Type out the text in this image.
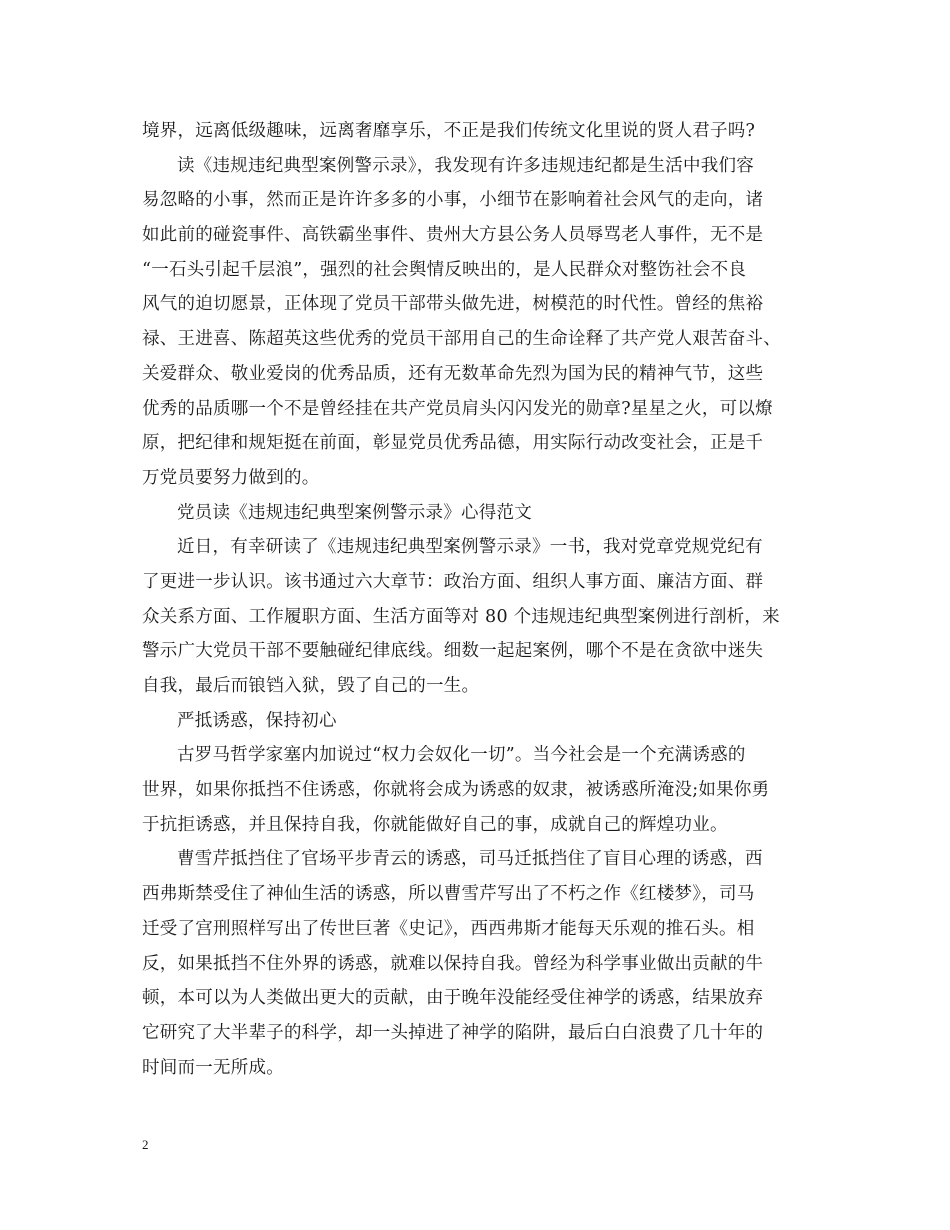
境界，远离低级趣味，远离奢靡享乐，不正是我们传统文化里说的贤人君子吗?
读《违规违纪典型案例警示录》，我发现有许多违规违纪都是生活中我们容
易忽略的小事，然而正是许许多多的小事，小细节在影响着社会风气的走向，诸
如此前的碰瓷事件、高铁霸坐事件、贵州大方县公务人员辱骂老人事件，无不是
“一石头引起千层浪”，强烈的社会舆情反映出的，是人民群众对整饬社会不良
风气的迫切愿景，正体现了党员干部带头做先进，树模范的时代性。曾经的焦裕
禄、王进喜、陈超英这些优秀的党员干部用自己的生命诠释了共产党人艰苦奋斗、
关爱群众、敬业爱岗的优秀品质，还有无数革命先烈为国为民的精神气节，这些
优秀的品质哪一个不是曾经挂在共产党员肩头闪闪发光的勋章?星星之火，可以燎
原，把纪律和规矩挺在前面，彰显党员优秀品德，用实际行动改变社会，正是千
万党员要努力做到的。
党员读《违规违纪典型案例警示录》心得范文
近日，有幸研读了《违规违纪典型案例警示录》一书，我对党章党规党纪有
了更进一步认识。该书通过六大章节：政治方面、组织人事方面、廉洁方面、群
众关系方面、工作履职方面、生活方面等对 80 个违规违纪典型案例进行剖析，来
警示广大党员干部不要触碰纪律底线。细数一起起案例，哪个不是在贪欲中迷失
自我，最后而锒铛入狱，毁了自己的一生。
严抵诱惑，保持初心
古罗马哲学家塞内加说过“权力会奴化一切”。当今社会是一个充满诱惑的
世界，如果你抵挡不住诱惑，你就将会成为诱惑的奴隶，被诱惑所淹没;如果你勇
于抗拒诱惑，并且保持自我，你就能做好自己的事，成就自己的辉煌功业。
曹雪芹抵挡住了官场平步青云的诱惑，司马迁抵挡住了盲目心理的诱惑，西
西弗斯禁受住了神仙生活的诱惑，所以曹雪芹写出了不朽之作《红楼梦》，司马
迁受了宫刑照样写出了传世巨著《史记》，西西弗斯才能每天乐观的推石头。相
反，如果抵挡不住外界的诱惑，就难以保持自我。曾经为科学事业做出贡献的牛
顿，本可以为人类做出更大的贡献，由于晚年没能经受住神学的诱惑，结果放弃
它研究了大半辈子的科学，却一头掉进了神学的陷阱，最后白白浪费了几十年的
时间而一无所成。
2
